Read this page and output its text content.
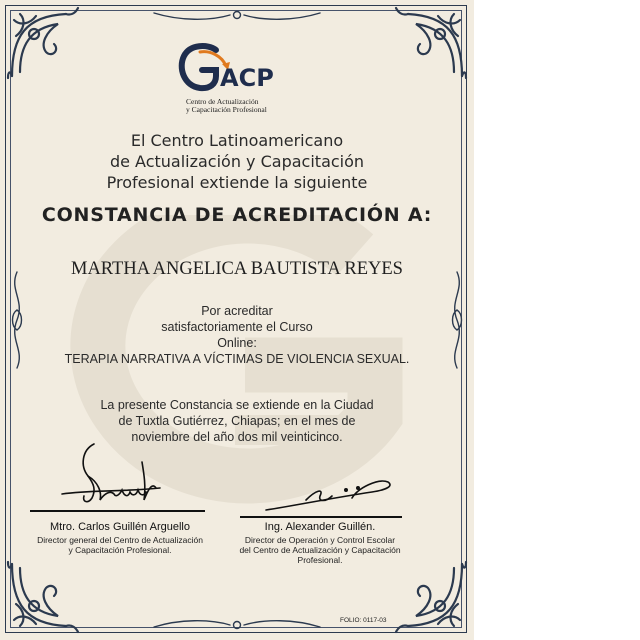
ACP
Centro de Actualización
y Capacitación Profesional
El Centro Latinoamericano
de Actualización y Capacitación
Profesional extiende la siguiente
CONSTANCIA DE ACREDITACIÓN A:
MARTHA ANGELICA BAUTISTA REYES
Por acreditar
satisfactoriamente el Curso
Online:
TERAPIA NARRATIVA A VÍCTIMAS DE VIOLENCIA SEXUAL.
La presente Constancia se extiende en la Ciudad
de Tuxtla Gutiérrez, Chiapas; en el mes de
noviembre del año dos mil veinticinco.
Mtro. Carlos Guillén Arguello
Director general del Centro de Actualización
y Capacitación Profesional.
Ing. Alexander Guillén.
Director de Operación y Control Escolar
del Centro de Actualización y Capacitación
Profesional.
FOLIO: 0117-03
